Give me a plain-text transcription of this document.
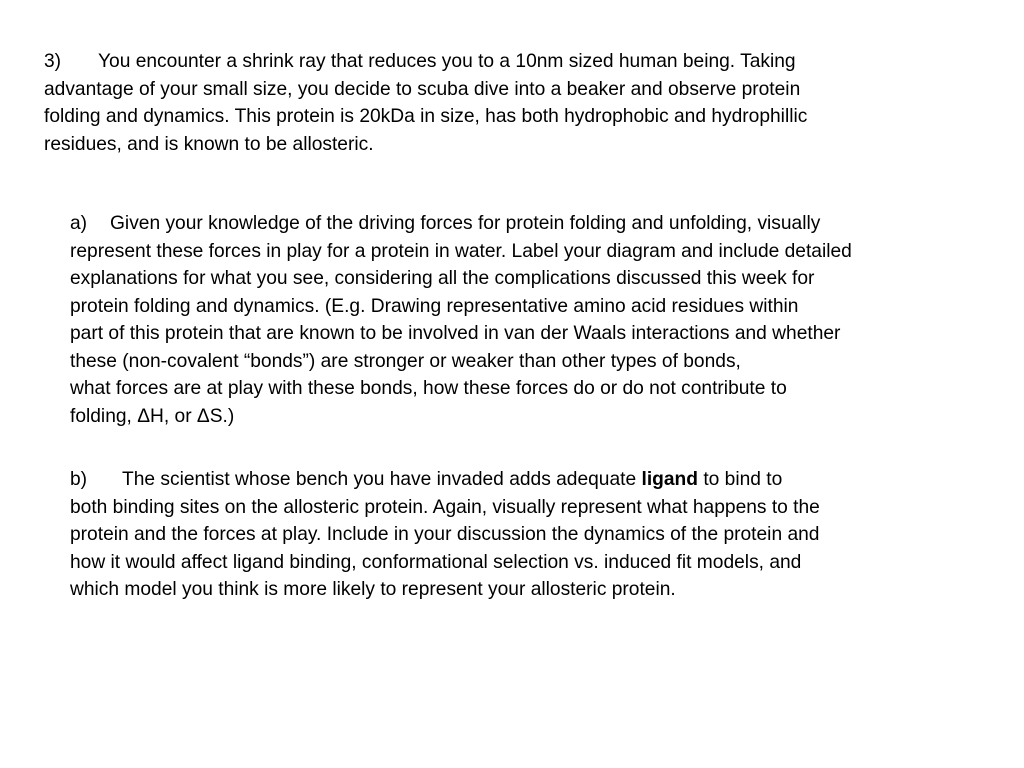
3) You encounter a shrink ray that reduces you to a 10nm sized human being. Taking
advantage of your small size, you decide to scuba dive into a beaker and observe protein
folding and dynamics. This protein is 20kDa in size, has both hydrophobic and hydrophillic
residues, and is known to be allosteric.
a) Given your knowledge of the driving forces for protein folding and unfolding, visually
represent these forces in play for a protein in water. Label your diagram and include detailed
explanations for what you see, considering all the complications discussed this week for
protein folding and dynamics. (E.g. Drawing representative amino acid residues within
part of this protein that are known to be involved in van der Waals interactions and whether
these (non-covalent “bonds”) are stronger or weaker than other types of bonds,
what forces are at play with these bonds, how these forces do or do not contribute to
folding, ΔH, or ΔS.)
b) The scientist whose bench you have invaded adds adequate ligand to bind to
both binding sites on the allosteric protein. Again, visually represent what happens to the
protein and the forces at play. Include in your discussion the dynamics of the protein and
how it would affect ligand binding, conformational selection vs. induced fit models, and
which model you think is more likely to represent your allosteric protein.
